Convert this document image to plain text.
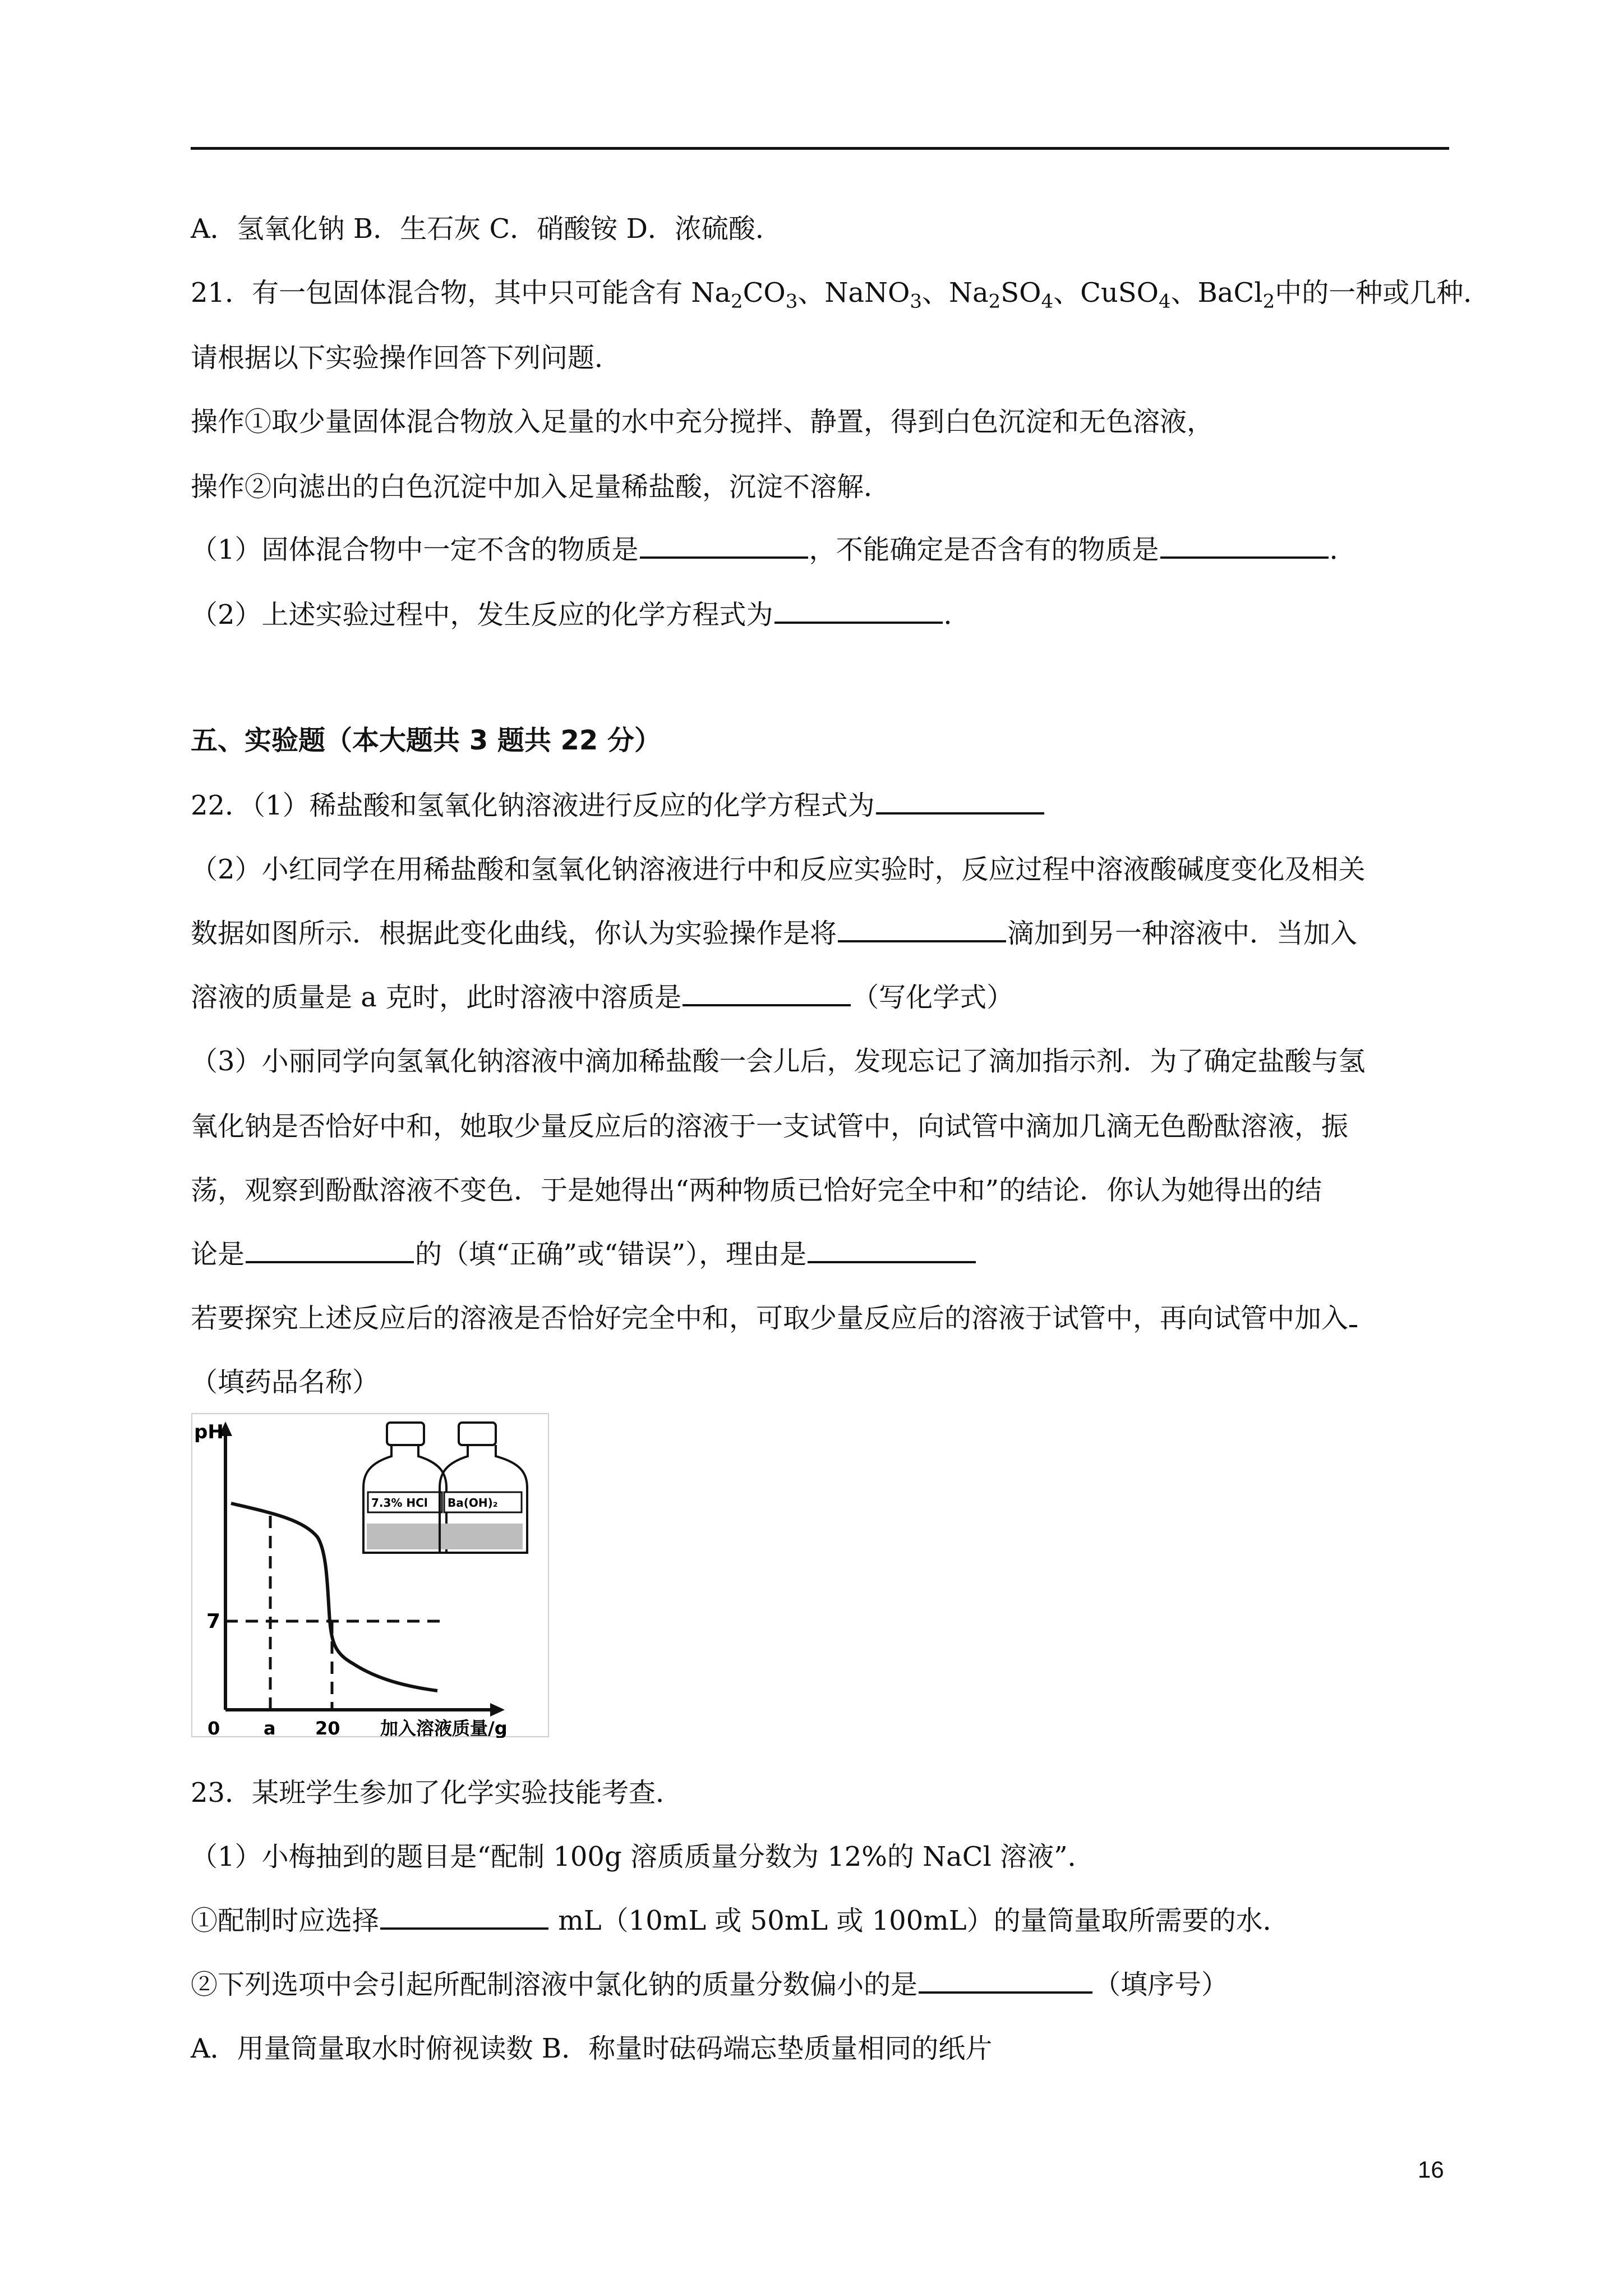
A．氢氧化钠 B．生石灰 C．硝酸铵 D．浓硫酸．
21．有一包固体混合物，其中只可能含有 $Na_2CO_3$、NaNO$_3$、$Na_2SO_4$、CuSO$_4$、BaCl$_2$中的一种或几种．
请根据以下实验操作回答下列问题．
操作①取少量固体混合物放入足量的水中充分搅拌、静置，得到白色沉淀和无色溶液，
操作②向滤出的白色沉淀中加入足量稀盐酸，沉淀不溶解．
（1）固体混合物中一定不含的物质是	，不能确定是否含有的物质是	．
（2）上述实验过程中，发生反应的化学方程式为	．
五、实验题（本大题共 3 题共 22 分）
22．（1）稀盐酸和氢氧化钠溶液进行反应的化学方程式为
（2）小红同学在用稀盐酸和氢氧化钠溶液进行中和反应实验时，反应过程中溶液酸碱度变化及相关
数据如图所示．根据此变化曲线，你认为实验操作是将	滴加到另一种溶液中．当加入
溶液的质量是 a 克时，此时溶液中溶质是	（写化学式）
（3）小丽同学向氢氧化钠溶液中滴加稀盐酸一会儿后，发现忘记了滴加指示剂．为了确定盐酸与氢
氧化钠是否恰好中和，她取少量反应后的溶液于一支试管中，向试管中滴加几滴无色酚酞溶液，振
荡，观察到酚酞溶液不变色．于是她得出“两种物质已恰好完全中和”的结论．你认为她得出的结
论是	的（填“正确”或“错误”），理由是
若要探究上述反应后的溶液是否恰好完全中和，可取少量反应后的溶液于试管中，再向试管中加入
（填药品名称）
pH
7
0 a 20 加入溶液质量/g
7.3% HCl Ba(OH)₂
23．某班学生参加了化学实验技能考查．
（1）小梅抽到的题目是“配制 100g 溶质质量分数为 12%的 NaCl 溶液”．
①配制时应选择	mL（10mL 或 50mL 或 100mL）的量筒量取所需要的水．
②下列选项中会引起所配制溶液中氯化钠的质量分数偏小的是	（填序号）
A．用量筒量取水时俯视读数 B．称量时砝码端忘垫质量相同的纸片
16
